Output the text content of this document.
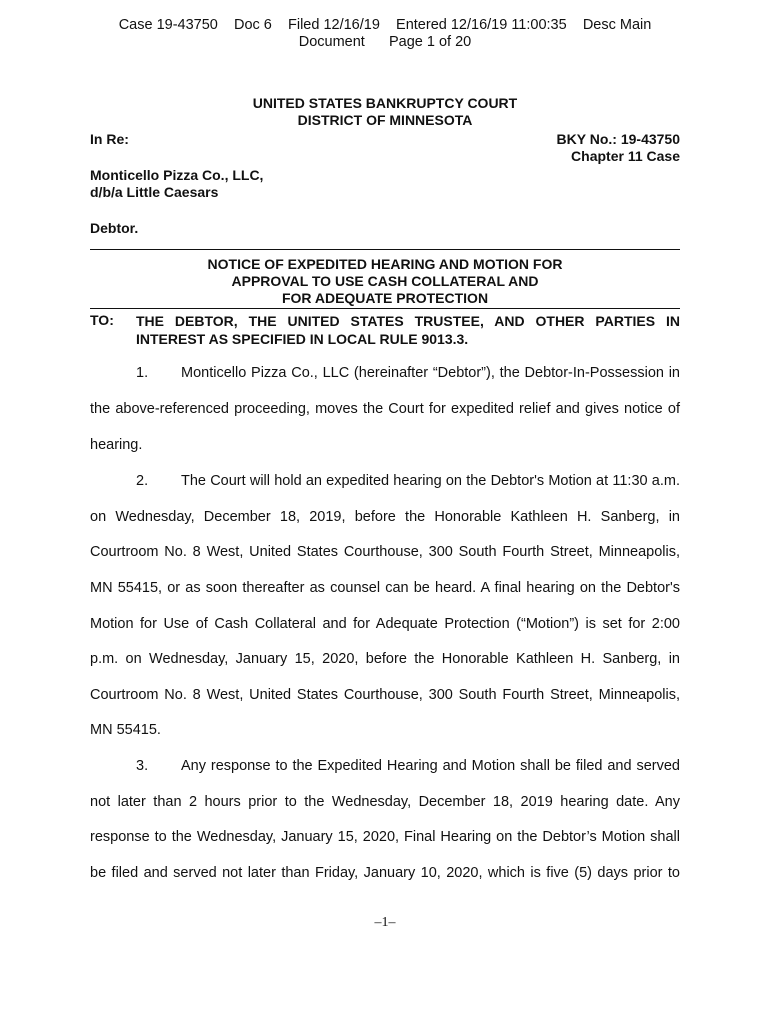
Case 19-43750 Doc 6 Filed 12/16/19 Entered 12/16/19 11:00:35 Desc Main
Document Page 1 of 20
UNITED STATES BANKRUPTCY COURT
DISTRICT OF MINNESOTA
In Re:	BKY No.: 19-43750
Chapter 11 Case
Monticello Pizza Co., LLC,
d/b/a Little Caesars
Debtor.
NOTICE OF EXPEDITED HEARING AND MOTION FOR
APPROVAL TO USE CASH COLLATERAL AND
FOR ADEQUATE PROTECTION
TO: THE DEBTOR, THE UNITED STATES TRUSTEE, AND OTHER PARTIES IN INTEREST AS SPECIFIED IN LOCAL RULE 9013.3.
1. Monticello Pizza Co., LLC (hereinafter “Debtor”), the Debtor-In-Possession in
the above-referenced proceeding, moves the Court for expedited relief and gives notice of
hearing.
2. The Court will hold an expedited hearing on the Debtor's Motion at 11:30 a.m.
on Wednesday, December 18, 2019, before the Honorable Kathleen H. Sanberg, in
Courtroom No. 8 West, United States Courthouse, 300 South Fourth Street, Minneapolis,
MN 55415, or as soon thereafter as counsel can be heard. A final hearing on the Debtor's
Motion for Use of Cash Collateral and for Adequate Protection (“Motion”) is set for 2:00
p.m. on Wednesday, January 15, 2020, before the Honorable Kathleen H. Sanberg, in
Courtroom No. 8 West, United States Courthouse, 300 South Fourth Street, Minneapolis,
MN 55415.
3. Any response to the Expedited Hearing and Motion shall be filed and served
not later than 2 hours prior to the Wednesday, December 18, 2019 hearing date. Any
response to the Wednesday, January 15, 2020, Final Hearing on the Debtor’s Motion shall
be filed and served not later than Friday, January 10, 2020, which is five (5) days prior to
–1–
